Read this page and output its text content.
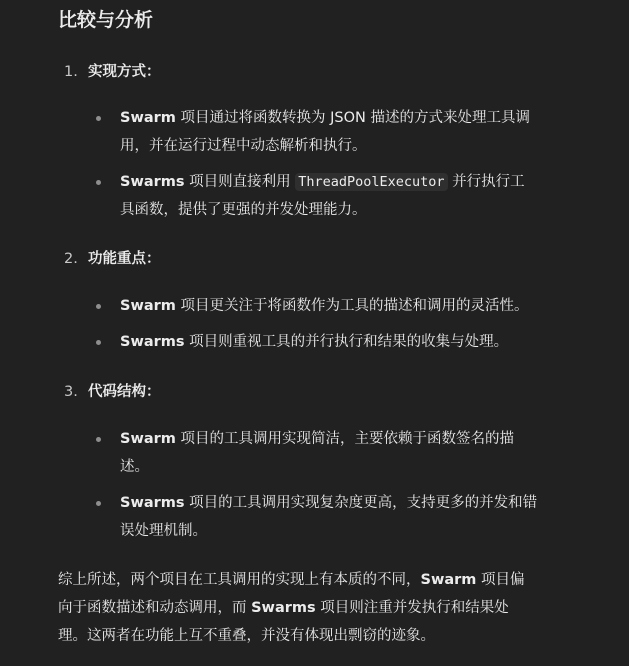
比较与分析
1. 实现方式：
Swarm 项目通过将函数转换为 JSON 描述的方式来处理工具调
用，并在运行过程中动态解析和执行。
Swarms 项目则直接利用 ThreadPoolExecutor 并行执行工
具函数，提供了更强的并发处理能力。
2. 功能重点：
Swarm 项目更关注于将函数作为工具的描述和调用的灵活性。
Swarms 项目则重视工具的并行执行和结果的收集与处理。
3. 代码结构：
Swarm 项目的工具调用实现简洁，主要依赖于函数签名的描
述。
Swarms 项目的工具调用实现复杂度更高，支持更多的并发和错
误处理机制。
综上所述，两个项目在工具调用的实现上有本质的不同，Swarm 项目偏
向于函数描述和动态调用，而 Swarms 项目则注重并发执行和结果处
理。这两者在功能上互不重叠，并没有体现出剽窃的迹象。
